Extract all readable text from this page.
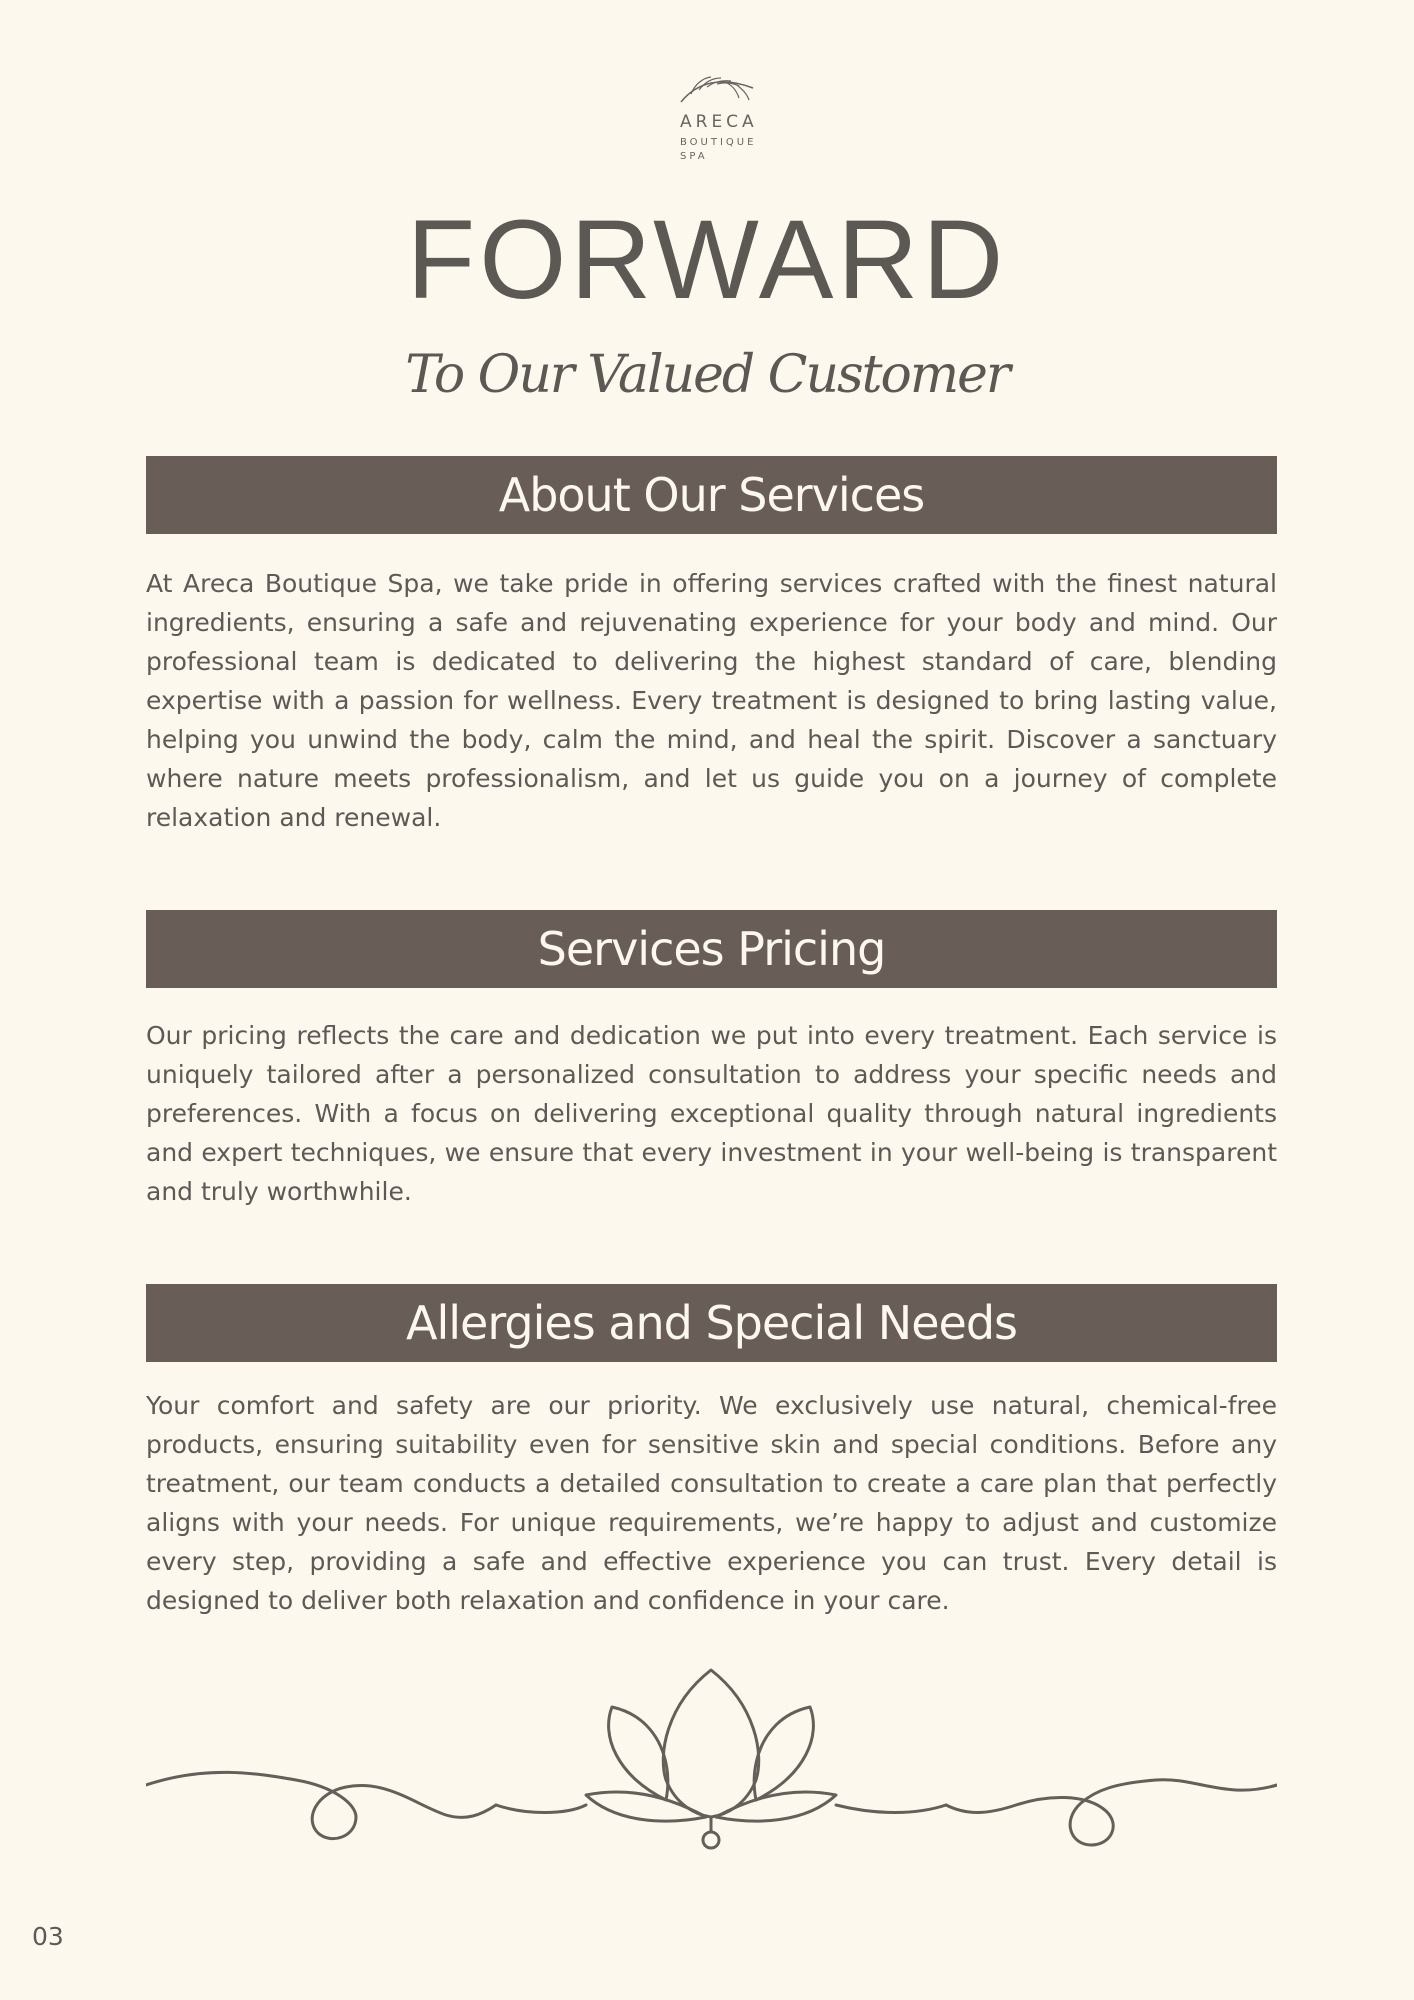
ARECA
BOUTIQUE
SPA
FORWARD
To Our Valued Customer
About Our Services

At Areca Boutique Spa, we take pride in offering services crafted with the finest natural ingredients, ensuring a safe and rejuvenating experience for your body and mind. Our professional team is dedicated to delivering the highest standard of care, blending expertise with a passion for wellness. Every treatment is designed to bring lasting value, helping you unwind the body, calm the mind, and heal the spirit. Discover a sanctuary where nature meets professionalism, and let us guide you on a journey of complete relaxation and renewal.

Services Pricing

Our pricing reflects the care and dedication we put into every treatment. Each service is uniquely tailored after a personalized consultation to address your specific needs and preferences. With a focus on delivering exceptional quality through natural ingredients and expert techniques, we ensure that every investment in your well-being is transparent and truly worthwhile.

Allergies and Special Needs

Your comfort and safety are our priority. We exclusively use natural, chemical-free products, ensuring suitability even for sensitive skin and special conditions. Before any treatment, our team conducts a detailed consultation to create a care plan that perfectly aligns with your needs. For unique requirements, we’re happy to adjust and customize every step, providing a safe and effective experience you can trust. Every detail is designed to deliver both relaxation and confidence in your care.

03
